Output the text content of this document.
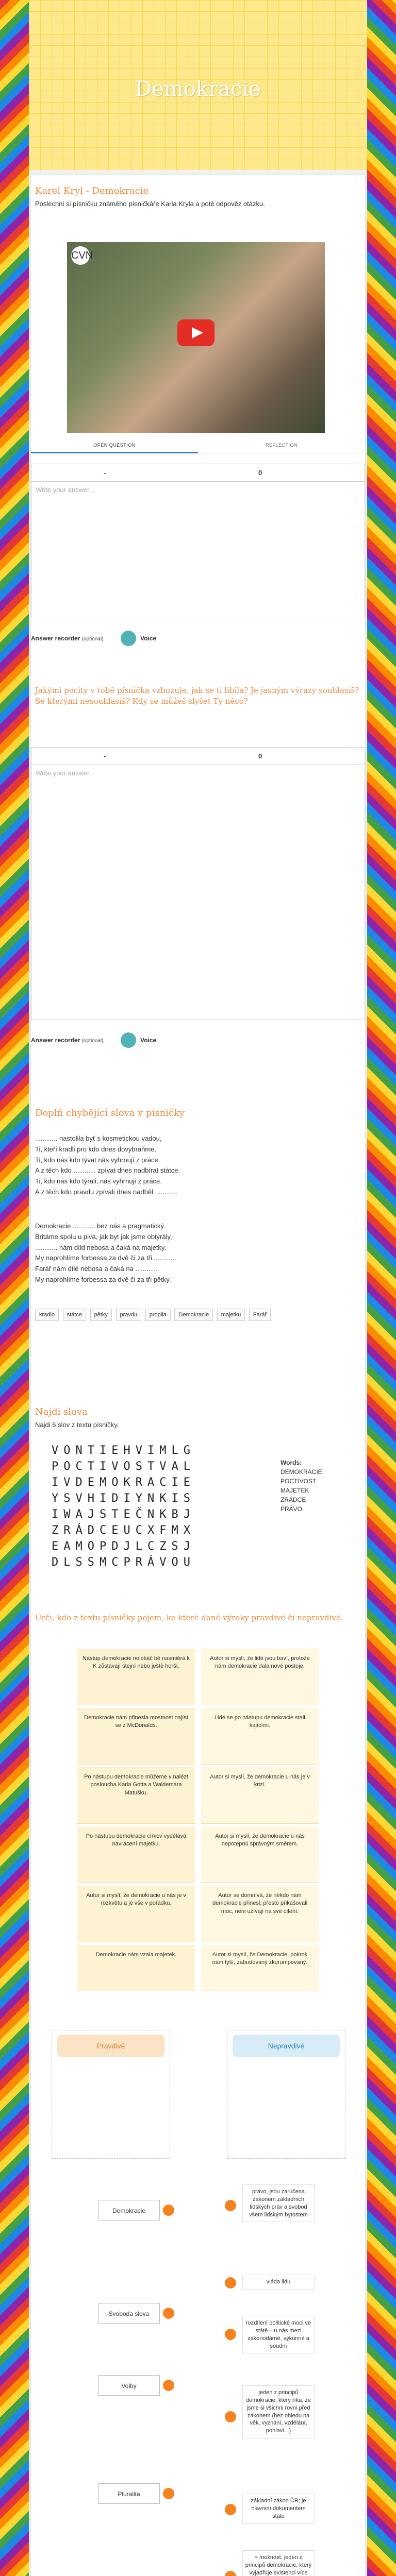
Demokracie
Karel Kryl - Demokracie
Poslechni si písničku známého písničkáře Karla Kryla a poté odpověz otázku.
CVN
OPEN QUESTION	REFLECTION
-	0
Write your answer...
Answer recorder (optional)	Voice
Jakými pocity v tobě písnička vzbuzuje, jak se ti líbila? Je jasným výrazy souhlasíš? Se kterými nesouhlasíš? Kdy se můžeš slyšet Ty něco?
-	0
Write your answer...
Answer recorder (optional)	Voice
Doplň chybějící slova v písničky
............ nastolila byť s kosmetickou vadou,
Ti, kteří kradli pro kdo dnes dovybraňme.
Ti, kdo nás kdo tývat nás vyhrnují z práce.
A z těch kdo ............ zpívat dnes nadbírat státce.
Ti, kdo nás kdo týrali, nás vyhrnují z práce.
A z těch kdo pravdu zpívali dnes nadběl ............
Demokracie ............ bez nás a pragmatický.
Britáme spolu u piva, jak byt jak jsme obtýrály,
............ nám díld nebosa a čaká na majetky.
My naprohlíme forbessa za dvě čí za tři ............
Farář nám dílé nebosa a čaká na ............
My naprohlíme forbessa za dvě či za tři pětky.
kradlo státce pětky pravdu propila Demokracie majetku Farář
Najdi slova
Najdi 6 slov z textu písničky.
VONTIEHVIMLG
POCTIVOSTVAL
IVDEMOKRACIE
YSVHIDIYNKIS
IWAJSTEČNKBJ
ZRÁDCEUCXFMX
EAMOPDJLCZSJ
DLSSMCPRÁVOU
Words:
DEMOKRACIE
POCTIVOST
MAJETEK
ZRÁDCE
PRÁVO
Urči, kdo z textu písničky pojem, ke které dané výroky pravdivé či nepravdivé.
Nástup demokracie neletiáč bě nasmiěrá k K zůstávají stejní nebo ještě horší.
Autor si myslí, že lidé jsou baví, protože nám demokracie dala nové postoje.
Demokracie nám přinesla mostnost najíst se z McDonalds.
Lidé se po nástupu demokracie stali kajícími.
Po nástupu demokracie můžeme v nalézt posloucha Karla Gotta a Waldemara Matušku.
Autor si myslí, že demokracie u nás je v krizi.
Po nástupu demokracie církev vydělává navracení majetku.
Autor si myslí, že demokracie u nás nepotepnú správným směrem.
Autor si myslí, že demokracie u nás je v rozkvětu a je vše v pořádku.
Autor se domnívá, že někdo nám demokracie přinesl, přesto přikášovali moc, neni užívají na své cílení.
Demokracie nám vzala majetek.	Autor si myslí, že Demokracie, pokrok nám tyší, zabudovaný zkorumpovaný.
Pravdivé	Nepravdivé
Demokracie
Svoboda slova
Volby
Pluralita
právo, jsou zaručena zákonem základních lidských práv a svobod všem lidským bytostem
vláda lidu
rozdílení politické moci ve státě – u nás mezi zákonodárné, výkonné a soudní
jeden z principů demokracie, který říká, že jsme si všichni rovni před zákonem (bez ohledu na věk, vyznání, vzdělání, pohlaví...)
základní zákon ČR; je hlavním dokumentem státu
= možnost, jeden z principů demokracie, který vyjadřuje existenci více
